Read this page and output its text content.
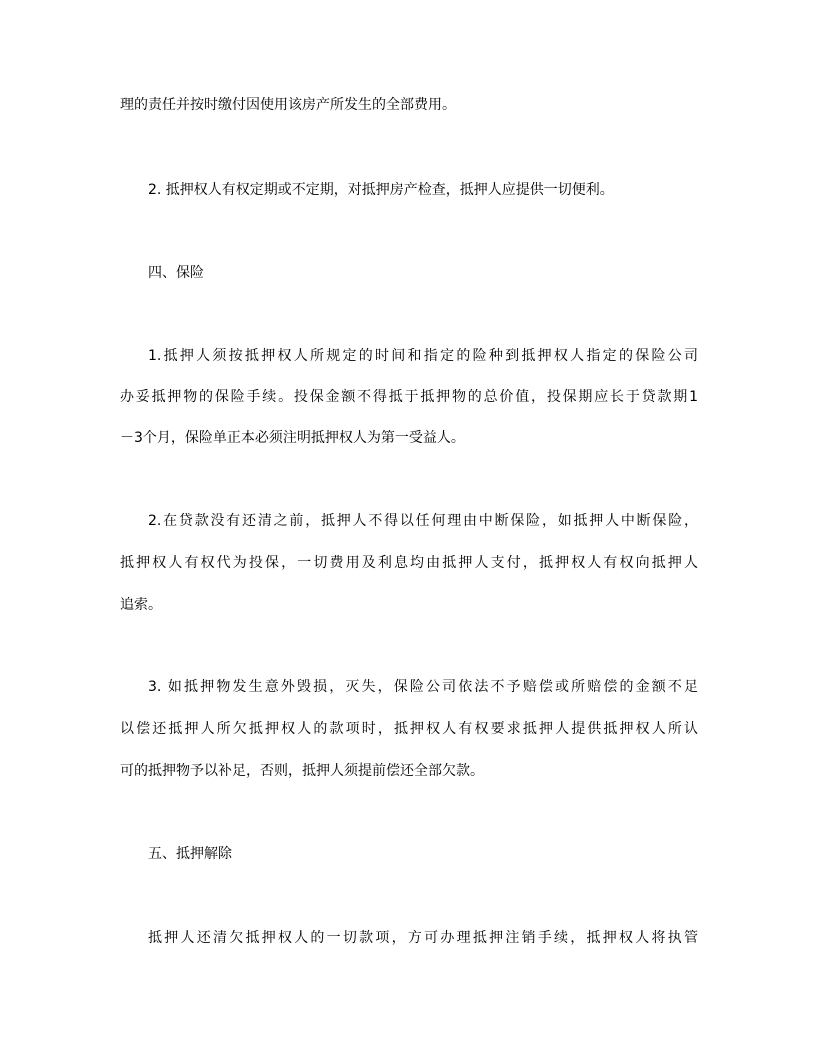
理的责任并按时缴付因使用该房产所发生的全部费用。
2. 抵押权人有权定期或不定期，对抵押房产检查，抵押人应提供一切便利。
四、保险
1.抵押人须按抵押权人所规定的时间和指定的险种到抵押权人指定的保险公司
办妥抵押物的保险手续。投保金额不得抵于抵押物的总价值，投保期应长于贷款期1
－3个月，保险单正本必须注明抵押权人为第一受益人。
2.在贷款没有还清之前，抵押人不得以任何理由中断保险，如抵押人中断保险，
抵押权人有权代为投保，一切费用及利息均由抵押人支付，抵押权人有权向抵押人
追索。
3. 如抵押物发生意外毁损，灭失，保险公司依法不予赔偿或所赔偿的金额不足
以偿还抵押人所欠抵押权人的款项时，抵押权人有权要求抵押人提供抵押权人所认
可的抵押物予以补足，否则，抵押人须提前偿还全部欠款。
五、抵押解除
抵押人还清欠抵押权人的一切款项，方可办理抵押注销手续，抵押权人将执管
